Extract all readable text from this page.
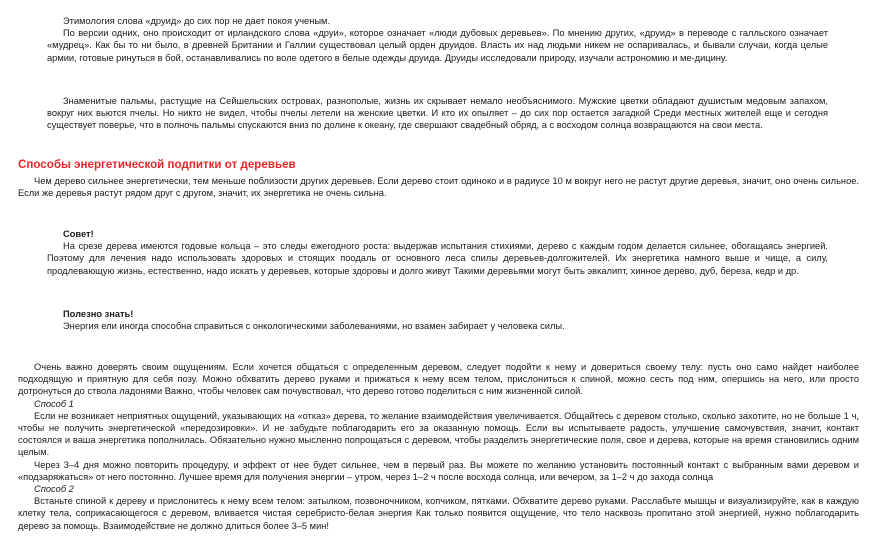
Этимология слова «друид» до сих пор не дает покоя ученым.

По версии одних, оно происходит от ирландского слова «друи», которое означает «люди дубовых деревьев». По мнению других, «друид» в переводе с галльского означает «мудрец». Как бы то ни было, в древней Британии и Галлии существовал целый орден друидов. Власть их над людьми никем не оспаривалась, и бывали случаи, когда целые армии, готовые ринуться в бой, останавливались по воле одетого в белые одежды друида. Друиды исследовали природу, изучали астрономию и ме-дицину.

Знаменитые пальмы, растущие на Сейшельских островах, разнополые, жизнь их скрывает немало необъяснимого. Мужские цветки обладают душистым медовым запахом, вокруг них вьются пчелы. Но никто не видел, чтобы пчелы летели на женские цветки. И кто их опыляет – до сих пор остается загадкой Среди местных жителей еще и сегодня существует поверье, что в полночь пальмы спускаются вниз по долине к океану, где свершают свадебный обряд, а с восходом солнца возвращаются на свои места.

Способы энергетической подпитки от деревьев

Чем дерево сильнее энергетически, тем меньше поблизости других деревьев. Если дерево стоит одиноко и в радиусе 10 м вокруг него не растут другие деревья, значит, оно очень сильное. Если же деревья растут рядом друг с другом, значит, их энергетика не очень сильна.

Совет!

На срезе дерева имеются годовые кольца – это следы ежегодного роста: выдержав испытания стихиями, дерево с каждым годом делается сильнее, обогащаясь энергией. Поэтому для лечения надо использовать здоровых и стоящих поодаль от основного леса спилы деревьев-долгожителей. Их энергетика намного выше и чище, а силу, продлевающую жизнь, естественно, надо искать у деревьев, которые здоровы и долго живут Такими деревьями могут быть эвкалипт, хинное дерево, дуб, береза, кедр и др.

Полезно знать!

Энергия ели иногда способна справиться с онкологическими заболеваниями, но взамен забирает у человека силы.

Очень важно доверять своим ощущениям. Если хочется общаться с определенным деревом, следует подойти к нему и довериться своему телу: пусть оно само найдет наиболее подходящую и приятную для себя позу. Можно обхватить дерево руками и прижаться к нему всем телом, прислониться к спиной, можно сесть под ним, опершись на него, или просто дотронуться до ствола ладонями Важно, чтобы человек сам почувствовал, что дерево готово поделиться с ним жизненной силой.

Способ 1

Если не возникает неприятных ощущений, указывающих на «отказ» дерева, то желание взаимодействия увеличивается. Общайтесь с деревом столько, сколько захотите, но не больше 1 ч, чтобы не получить энергетической «передозировки». И не забудьте поблагодарить его за оказанную помощь. Если вы испытываете радость, улучшение самочувствия, значит, контакт состоялся и ваша энергетика пополнилась. Обязательно нужно мысленно попрощаться с деревом, чтобы разделить энергетические поля, свое и дерева, которые на время становились одним целым.

Через 3–4 дня можно повторить процедуру, и эффект от нее будет сильнее, чем в первый раз. Вы можете по желанию установить постоянный контакт с выбранным вами деревом и «подзаряжаться» от него постоянно. Лучшее время для получения энергии – утром, через 1–2 ч после восхода солнца, или вечером, за 1–2 ч до захода солнца

Способ 2

Встаньте спиной к дереву и прислонитесь к нему всем телом: затылком, позвоночником, копчиком, пятками. Обхватите дерево руками. Расслабьте мышцы и визуализируйте, как в каждую клетку тела, соприкасающегося с деревом, вливается чистая серебристо-белая энергия Как только появится ощущение, что тело насквозь пропитано этой энергией, нужно поблагодарить дерево за помощь. Взаимодействие не должно длиться более 3–5 мин!
